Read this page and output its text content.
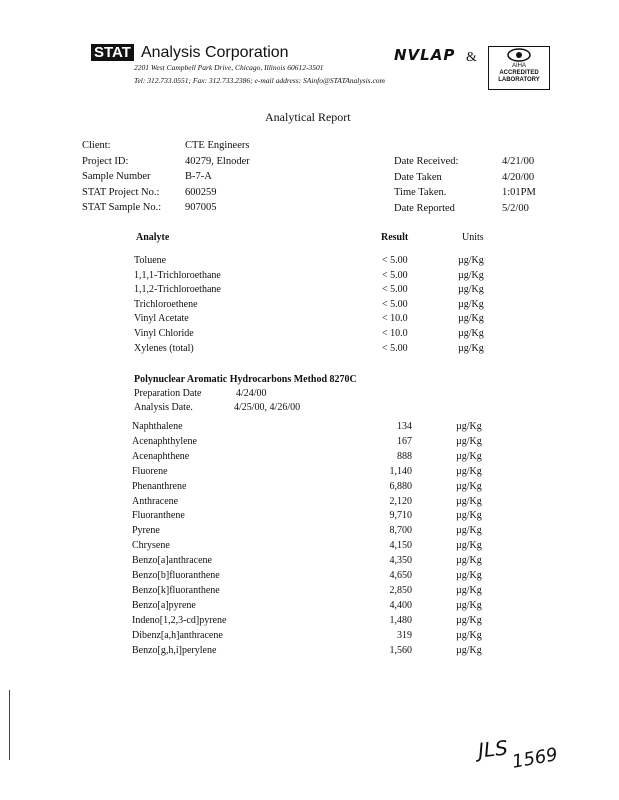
STAT Analysis Corporation
2201 West Campbell Park Drive, Chicago, Illinois 60612-3501
Tel: 312.733.0551; Fax: 312.733.2386; e-mail address: SAinfo@STATAnalysis.com
NVLAP &
AIHA
ACCREDITED
LABORATORY
Analytical Report
Client:	CTE Engineers
Project ID:	40279, Elnoder
Sample Number	B-7-A
STAT Project No.: 600259
STAT Sample No.: 907005
Date Received:	4/21/00
Date Taken	4/20/00
Time Taken.	1:01PM
Date Reported	5/2/00
Analyte	Result	Units
Toluene	< 5.00	µg/Kg
1,1,1-Trichloroethane	< 5.00	µg/Kg
1,1,2-Trichloroethane	< 5.00	µg/Kg
Trichloroethene	< 5.00	µg/Kg
Vinyl Acetate	< 10.0	µg/Kg
Vinyl Chloride	< 10.0	µg/Kg
Xylenes (total)	< 5.00	µg/Kg
Polynuclear Aromatic Hydrocarbons Method 8270C
Preparation Date	4/24/00
Analysis Date.	4/25/00, 4/26/00
Naphthalene	134	µg/Kg
Acenaphthylene	167	µg/Kg
Acenaphthene	888	µg/Kg
Fluorene	1,140	µg/Kg
Phenanthrene	6,880	µg/Kg
Anthracene	2,120	µg/Kg
Fluoranthene	9,710	µg/Kg
Pyrene	8,700	µg/Kg
Chrysene	4,150	µg/Kg
Benzo[a]anthracene	4,350	µg/Kg
Benzo[b]fluoranthene	4,650	µg/Kg
Benzo[k]fluoranthene	2,850	µg/Kg
Benzo[a]pyrene	4,400	µg/Kg
Indeno[1,2,3-cd]pyrene	1,480	µg/Kg
Dibenz[a,h]anthracene	319	µg/Kg
Benzo[g,h,i]perylene	1,560	µg/Kg
JLS 1569
